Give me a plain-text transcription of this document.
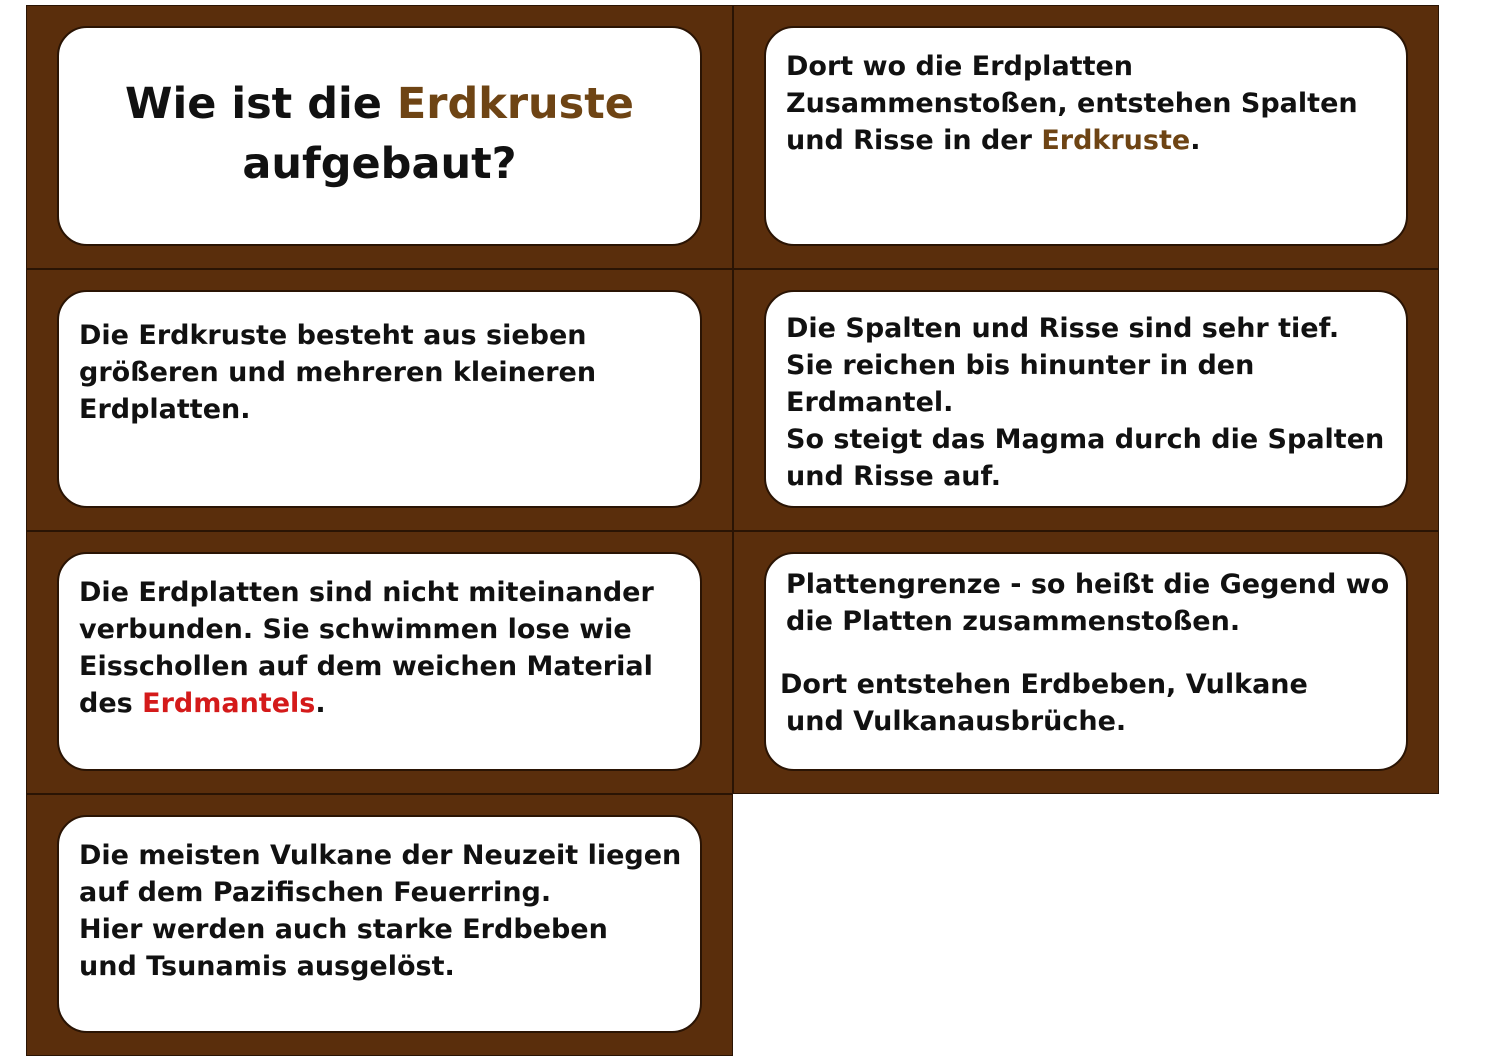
Wie ist die Erdkruste
aufgebaut?
Dort wo die Erdplatten
Zusammenstoßen, entstehen Spalten
und Risse in der Erdkruste.
Die Erdkruste besteht aus sieben
größeren und mehreren kleineren
Erdplatten.
Die Spalten und Risse sind sehr tief.
Sie reichen bis hinunter in den
Erdmantel.
So steigt das Magma durch die Spalten
und Risse auf.
Die Erdplatten sind nicht miteinander
verbunden. Sie schwimmen lose wie
Eisschollen auf dem weichen Material
des Erdmantels.
Plattengrenze - so heißt die Gegend wo
die Platten zusammenstoßen.
Dort entstehen Erdbeben, Vulkane
und Vulkanausbrüche.
Die meisten Vulkane der Neuzeit liegen
auf dem Pazifischen Feuerring.
Hier werden auch starke Erdbeben
und Tsunamis ausgelöst.
